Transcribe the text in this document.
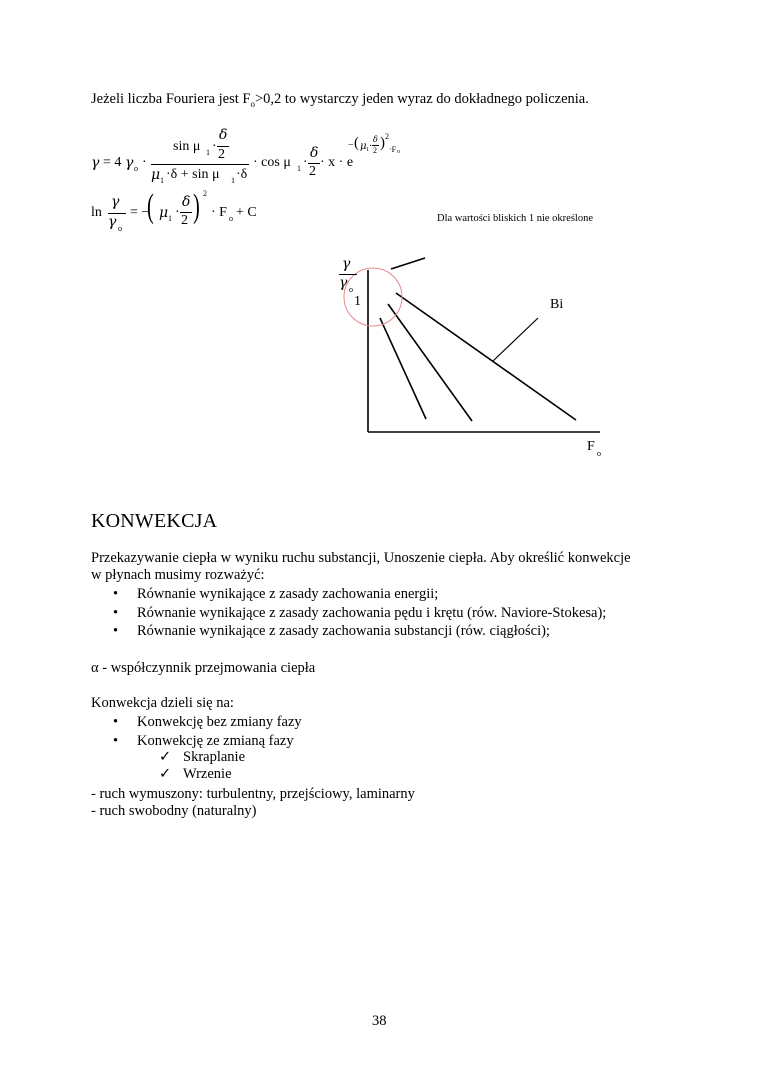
Jeżeli liczba Fouriera jest $F_o>0,2$ to wystarczy jeden wyraz do dokładnego policzenia.
γ = 4 γ o ·
sin μ 1 ·
δ
2
μ 1 ·δ + sin μ 1 ·δ
· cos μ 1 ·
δ
2
· x · e
− ( μ 1 ·
δ
2 ) 2
·F o
ln
γ
γ o
= −
( μ 1 ·
δ
2 ) 2
· F o + C	Dla wartości bliskich 1 nie określone
γ
γ o
1	Bi
F o
KONWEKCJA
Przekazywanie ciepła w wyniku ruchu substancji, Unoszenie ciepła. Aby określić konwekcje
w płynach musimy rozważyć:
• Równanie wynikające z zasady zachowania energii;
• Równanie wynikające z zasady zachowania pędu i krętu (rów. Naviore-Stokesa);
• Równanie wynikające z zasady zachowania substancji (rów. ciągłości);
α - współczynnik przejmowania ciepła
Konwekcja dzieli się na:
• Konwekcję bez zmiany fazy
• Konwekcję ze zmianą fazy
✓ Skraplanie
✓ Wrzenie
- ruch wymuszony: turbulentny, przejściowy, laminarny
- ruch swobodny (naturalny)
38
